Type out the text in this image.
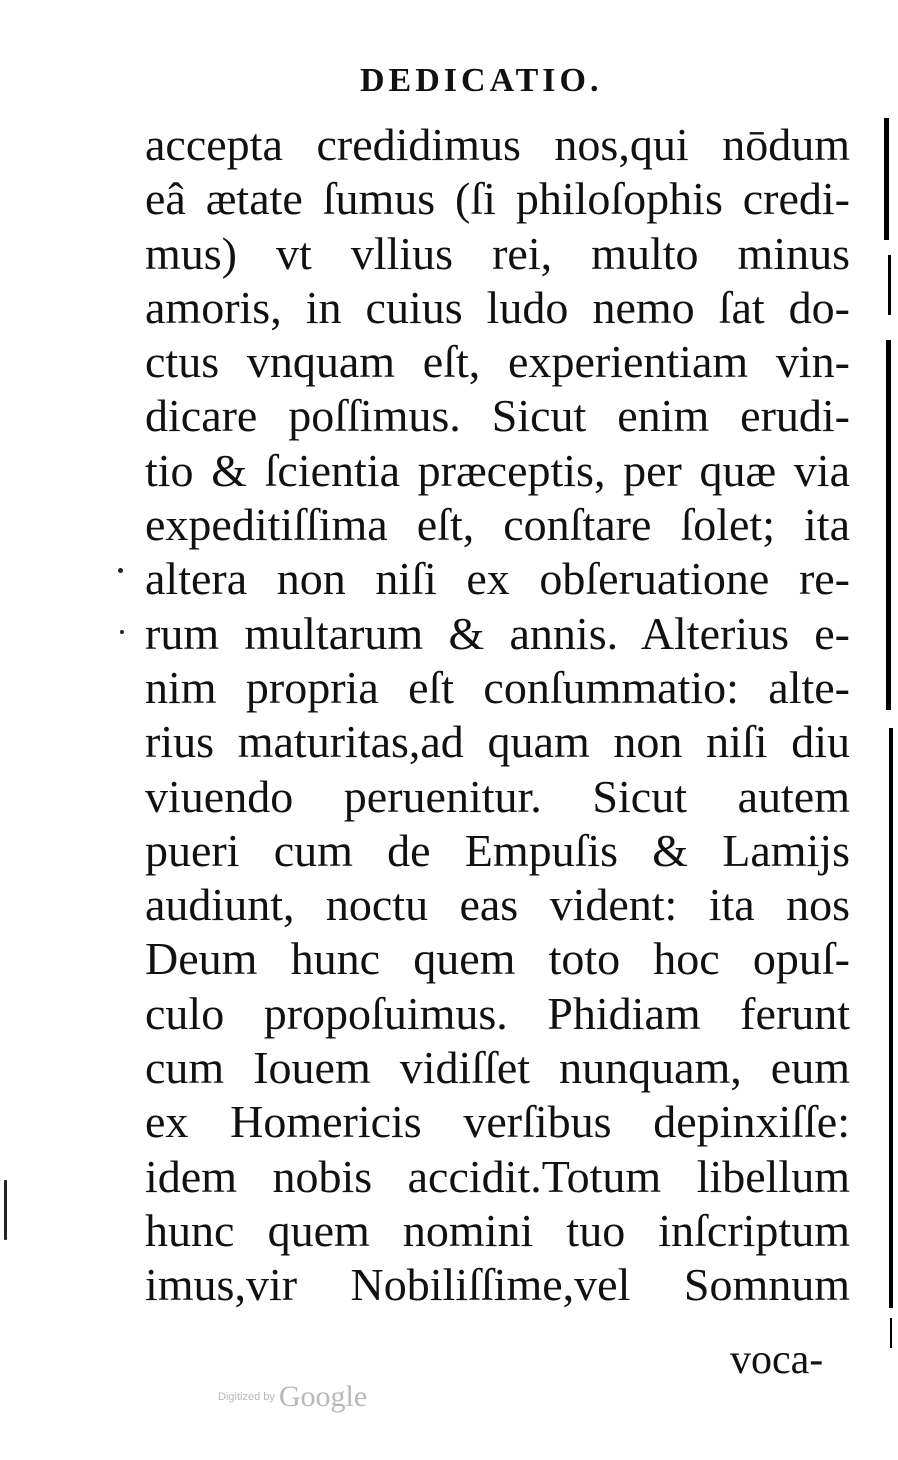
DEDICATIO.
accepta credidimus nos,qui nōdum
eâ ætate ſumus (ſi philoſophis credi-
mus) vt vllius rei, multo minus
amoris, in cuius ludo nemo ſat do-
ctus vnquam eſt, experientiam vin-
dicare poſſimus. Sicut enim erudi-
tio & ſcientia præceptis, per quæ via
expeditiſſima eſt, conſtare ſolet; ita
altera non niſi ex obſeruatione re-
rum multarum & annis. Alterius e-
nim propria eſt conſummatio: alte-
rius maturitas,ad quam non niſi diu
viuendo peruenitur. Sicut autem
pueri cum de Empuſis & Lamijs
audiunt, noctu eas vident: ita nos
Deum hunc quem toto hoc opuſ-
culo propoſuimus. Phidiam ferunt
cum Iouem vidiſſet nunquam, eum
ex Homericis verſibus depinxiſſe:
idem nobis accidit.Totum libellum
hunc quem nomini tuo inſcriptum
imus,vir Nobiliſſime,vel Somnum
voca-
Digitized by Google
